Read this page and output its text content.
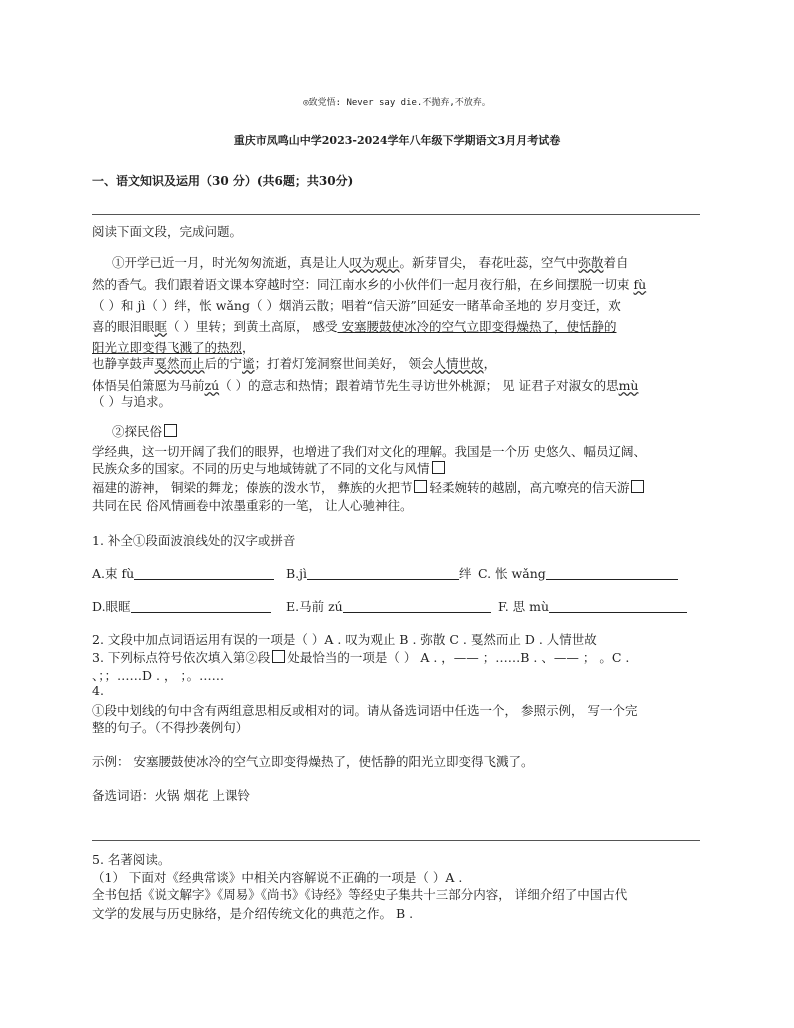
◎致党悟: Never say die.不抛弃,不放弃。
重庆市凤鸣山中学2023-2024学年八年级下学期语文3月月考试卷
一、语文知识及运用（30 分）(共6题；共30分)
阅读下面文段，完成问题。
①开学已近一月，时光匆匆流逝，真是让人叹为观止。新芽冒尖， 春花吐蕊，空气中弥散着自
然的香气。我们跟着语文课本穿越时空：同江南水乡的小伙伴们一起月夜行船，在乡间摆脱一切束 fù
（ ）和 jì（ ）绊，怅 wǎng（ ）烟消云散；唱着“信天游”回延安一睹革命圣地的 岁月变迁，欢
喜的眼泪眼眶（ ）里转；到黄土高原， 感受 安塞腰鼓使冰冷的空气立即变得燥热了，使恬静的
阳光立即变得飞溅了的热烈，
也静享鼓声戛然而止后的宁谧；打着灯笼洞察世间美好， 领会人情世故，
体悟吴伯箫愿为马前zú（ ）的意志和热情；跟着靖节先生寻访世外桃源； 见 证君子对淑女的思mù
（ ）与追求。
②探民俗
学经典，这一切开阔了我们的眼界，也增进了我们对文化的理解。我国是一个历 史悠久、幅员辽阔、
民族众多的国家。不同的历史与地域铸就了不同的文化与风情
福建的游神， 铜梁的舞龙；傣族的泼水节， 彝族的火把节 轻柔婉转的越剧，高亢嘹亮的信天游
共同在民 俗风情画卷中浓墨重彩的一笔， 让人心驰神往。
1. 补全①段面波浪线处的汉字或拼音
A.束 fù	B.jì	绊 C. 怅 wǎng
D.眼眶	E.马前 zú	F. 思 mù
2. 文段中加点词语运用有误的一项是（ ）A . 叹为观止 B . 弥散 C . 戛然而止 D . 人情世故
3. 下列标点符号依次填入第②段 处最恰当的一项是（ ） A . ，—— ；……B . 、—— ； 。C .
、；；……D . ， ；。……
4.
①段中划线的句中含有两组意思相反或相对的词。请从备选词语中任选一个， 参照示例， 写一个完
整的句子。（不得抄袭例句）
示例： 安塞腰鼓使冰冷的空气立即变得燥热了，使恬静的阳光立即变得飞溅了。
备选词语：火锅 烟花 上课铃
5. 名著阅读。
（1） 下面对《经典常谈》中相关内容解说不正确的一项是（ ）A .
全书包括《说文解字》《周易》《尚书》《诗经》等经史子集共十三部分内容， 详细介绍了中国古代
文学的发展与历史脉络，是介绍传统文化的典范之作。 B .
